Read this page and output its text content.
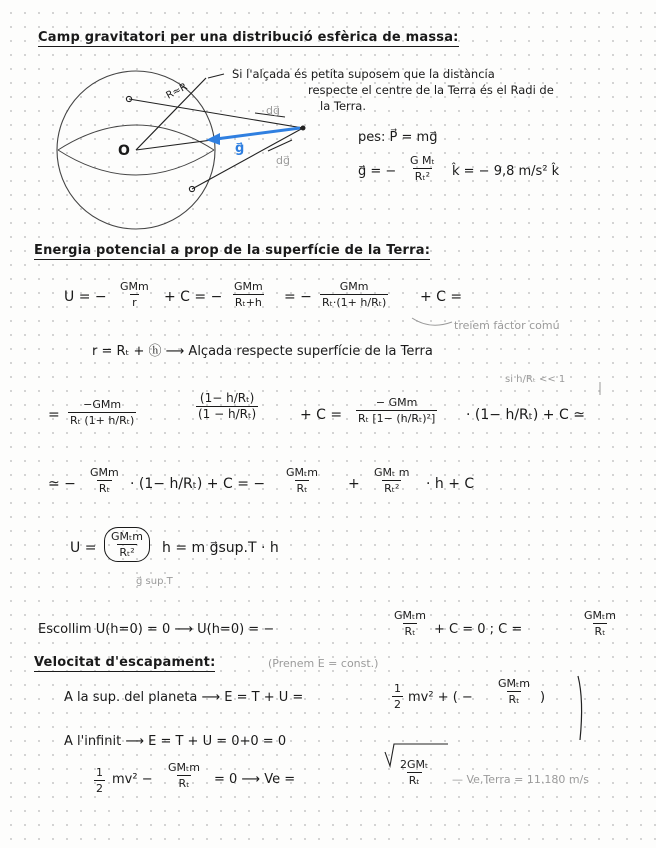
Camp gravitatori per una distribució esfèrica de massa:
R≈R
O
dg⃗
g⃗
dg⃗
Si l'alçada és petita suposem que la distància
respecte el centre de la Terra és el Radi de
la Terra.
pes: P⃗ = mg⃗
g⃗ = − $\frac{\text{G Mₜ}}{\text{Rₜ²}}$ k̂ = − 9,8 m/s² k̂
Energia potencial a prop de la superfície de la Terra:
U = −
GMm
r + C = −
GMm
Rₜ+h = −
GMm
Rₜ·(1+ h/Rₜ) + C =
treiem factor comú
r = Rₜ + ⓗ ⟶ Alçada respecte superfície de la Terra
si h/Rₜ << 1
=
−GMm
Rₜ (1+ h/Rₜ)	$\frac{\text{(1− h/Rₜ)}}{\text{(1 − h/Rₜ)}}$	+ C =
− GMm
Rₜ [1− (h/Rₜ)²] · (1− h/Rₜ) + C ≃
≃ −
GMm
Rₜ · (1− h/Rₜ) + C = −
GMₜm
Rₜ	+
GMₜ m
Rₜ² · h + C
U =
GMₜm
Rₜ² h = m g⃗sup.T · h
g⃗ sup.T
Escollim U(h=0) = 0 ⟶ U(h=0) = −
GMₜm
Rₜ + C = 0 ; C =
GMₜm
Rₜ
Velocitat d'escapament:	(Prenem E = const.)
A la sup. del planeta ⟶ E = T + U =	$\frac{1}{2} mv^2$ + ( −
GMₜm
Rₜ )
A l'infinit ⟶ E = T + U = 0+0 = 0
$\frac{1}{2} mv^2$ −
GMₜm
Rₜ = 0 ⟶ Ve =
2GMₜ
Rₜ	— Ve,Terra = 11.180 m/s
